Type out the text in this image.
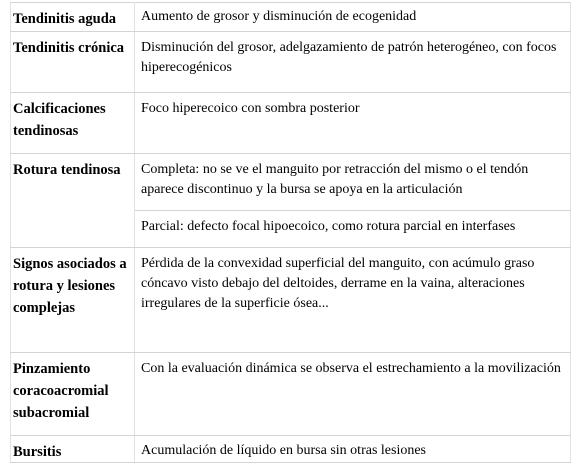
Tendinitis aguda	Aumento de grosor y disminución de ecogenidad
Tendinitis crónica	Disminución del grosor, adelgazamiento de patrón heterogéneo, con focos hiperecogénicos
Calcificaciones tendinosas	Foco hiperecoico con sombra posterior
Rotura tendinosa	Completa: no se ve el manguito por retracción del mismo o el tendón aparece discontinuo y la bursa se apoya en la articulación
	Parcial: defecto focal hipoecoico, como rotura parcial en interfases
Signos asociados a rotura y lesiones complejas	Pérdida de la convexidad superficial del manguito, con acúmulo graso cóncavo visto debajo del deltoides, derrame en la vaina, alteraciones irregulares de la superficie ósea...
Pinzamiento coracoacromial subacromial	Con la evaluación dinámica se observa el estrechamiento a la movilización
Bursitis	Acumulación de líquido en bursa sin otras lesiones
